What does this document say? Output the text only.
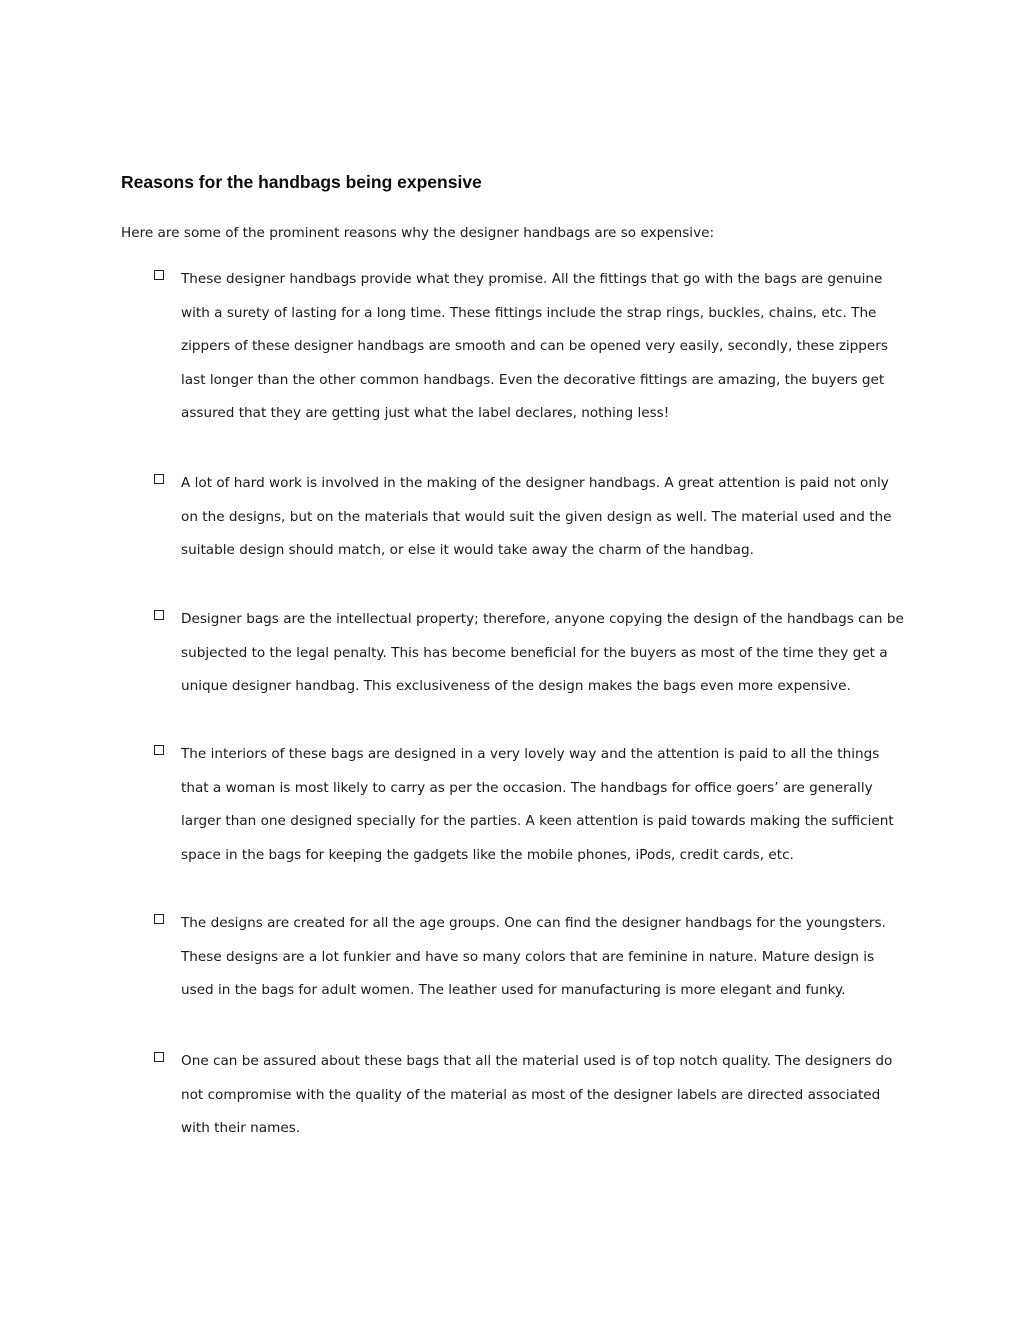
Reasons for the handbags being expensive

Here are some of the prominent reasons why the designer handbags are so expensive:

These designer handbags provide what they promise. All the fittings that go with the bags are genuine with a surety of lasting for a long time. These fittings include the strap rings, buckles, chains, etc. The zippers of these designer handbags are smooth and can be opened very easily, secondly, these zippers last longer than the other common handbags. Even the decorative fittings are amazing, the buyers get assured that they are getting just what the label declares, nothing less!

A lot of hard work is involved in the making of the designer handbags. A great attention is paid not only on the designs, but on the materials that would suit the given design as well. The material used and the suitable design should match, or else it would take away the charm of the handbag.

Designer bags are the intellectual property; therefore, anyone copying the design of the handbags can be subjected to the legal penalty. This has become beneficial for the buyers as most of the time they get a unique designer handbag. This exclusiveness of the design makes the bags even more expensive.

The interiors of these bags are designed in a very lovely way and the attention is paid to all the things that a woman is most likely to carry as per the occasion. The handbags for office goers’ are generally larger than one designed specially for the parties. A keen attention is paid towards making the sufficient space in the bags for keeping the gadgets like the mobile phones, iPods, credit cards, etc.

The designs are created for all the age groups. One can find the designer handbags for the youngsters. These designs are a lot funkier and have so many colors that are feminine in nature. Mature design is used in the bags for adult women. The leather used for manufacturing is more elegant and funky.

One can be assured about these bags that all the material used is of top notch quality. The designers do not compromise with the quality of the material as most of the designer labels are directed associated with their names.
